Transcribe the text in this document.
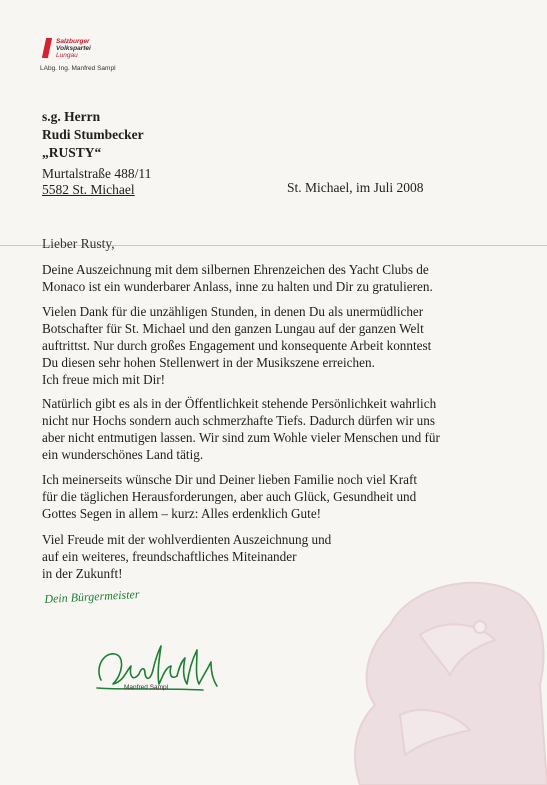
Salzburger
Volkspartei
Lungau
LAbg. Ing. Manfred Sampl
s.g. Herrn
Rudi Stumbecker
„RUSTY“
Murtalstraße 488/11
5582 St. Michael	St. Michael, im Juli 2008
Lieber Rusty,
Deine Auszeichnung mit dem silbernen Ehrenzeichen des Yacht Clubs de
Monaco ist ein wunderbarer Anlass, inne zu halten und Dir zu gratulieren.
Vielen Dank für die unzähligen Stunden, in denen Du als unermüdlicher
Botschafter für St. Michael und den ganzen Lungau auf der ganzen Welt
auftrittst. Nur durch großes Engagement und konsequente Arbeit konntest
Du diesen sehr hohen Stellenwert in der Musikszene erreichen.
Ich freue mich mit Dir!
Natürlich gibt es als in der Öffentlichkeit stehende Persönlichkeit wahrlich
nicht nur Hochs sondern auch schmerzhafte Tiefs. Dadurch dürfen wir uns
aber nicht entmutigen lassen. Wir sind zum Wohle vieler Menschen und für
ein wunderschönes Land tätig.
Ich meinerseits wünsche Dir und Deiner lieben Familie noch viel Kraft
für die täglichen Herausforderungen, aber auch Glück, Gesundheit und
Gottes Segen in allem – kurz: Alles erdenklich Gute!
Viel Freude mit der wohlverdienten Auszeichnung und
auf ein weiteres, freundschaftliches Miteinander
in der Zukunft!
Dein Bürgermeister
Manfred Sampl
